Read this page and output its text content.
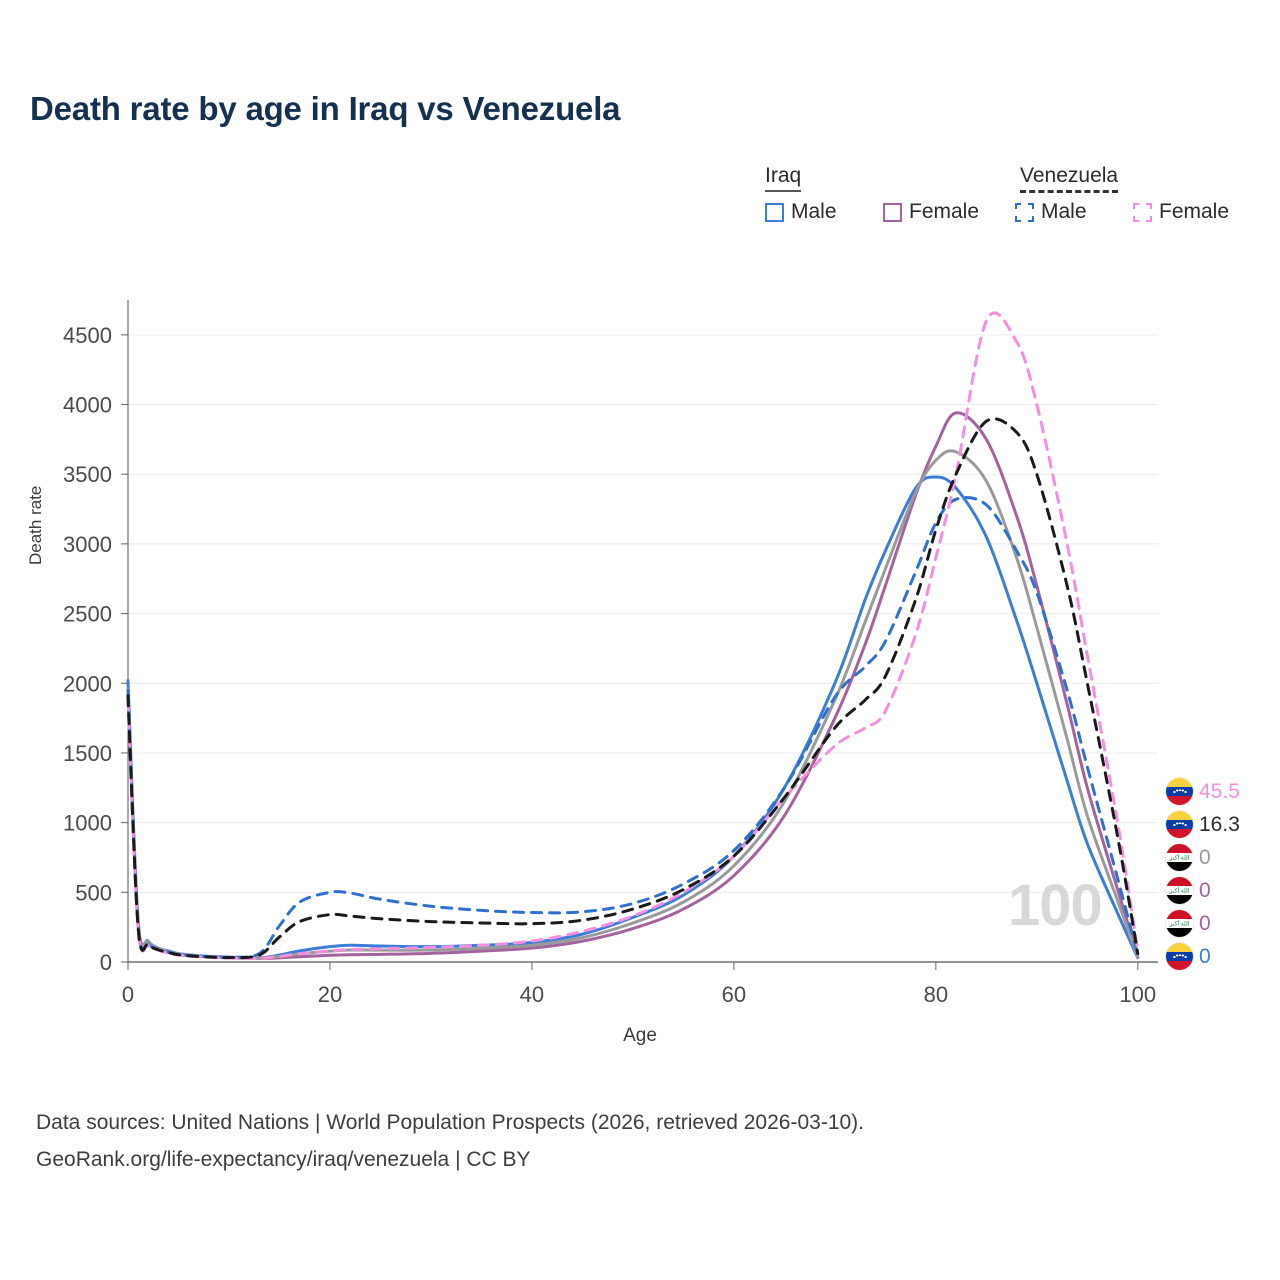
Death rate by age in Iraq vs Venezuela
Iraq	Venezuela
Male	Female	Male	Female
0
500
1000
1500
2000
2500
3000
3500
4000
4500
0	20	40	60	80	100
Death rate
Age
100
45.5
16.3
الله أكبر
0
الله أكبر
0
الله أكبر
0
0
Data sources: United Nations | World Population Prospects (2026, retrieved 2026-03-10).
GeoRank.org/life-expectancy/iraq/venezuela | CC BY
